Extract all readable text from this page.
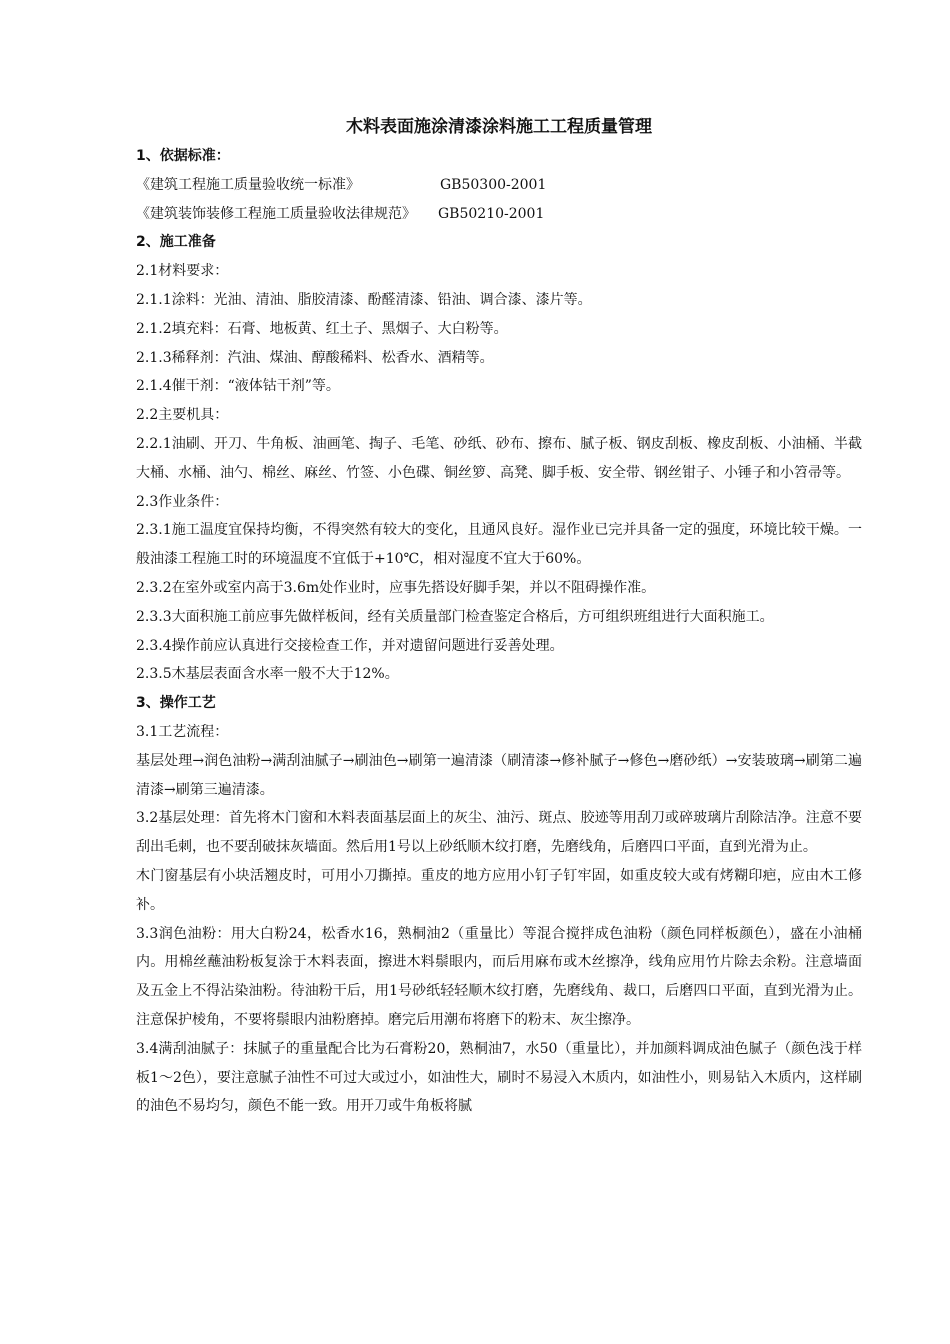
木料表面施涂清漆涂料施工工程质量管理
1、依据标准：
《建筑工程施工质量验收统一标准》	GB50300-2001
《建筑装饰装修工程施工质量验收法律规范》 GB50210-2001
2、施工准备
2.1材料要求：
2.1.1涂料：光油、清油、脂胶清漆、酚醛清漆、铅油、调合漆、漆片等。
2.1.2填充料：石膏、地板黄、红土子、黑烟子、大白粉等。
2.1.3稀释剂：汽油、煤油、醇酸稀料、松香水、酒精等。
2.1.4催干剂：“液体钴干剂”等。
2.2主要机具：
2.2.1油刷、开刀、牛角板、油画笔、掏子、毛笔、砂纸、砂布、擦布、腻子板、钢皮刮板、橡皮刮板、小油桶、半截大桶、水桶、油勺、棉丝、麻丝、竹签、小色碟、铜丝箩、高凳、脚手板、安全带、钢丝钳子、小锤子和小笤帚等。
2.3作业条件：
2.3.1施工温度宜保持均衡，不得突然有较大的变化，且通风良好。湿作业已完并具备一定的强度，环境比较干燥。一般油漆工程施工时的环境温度不宜低于+10℃，相对湿度不宜大于60%。
2.3.2在室外或室内高于3.6m处作业时，应事先搭设好脚手架，并以不阻碍操作准。
2.3.3大面积施工前应事先做样板间，经有关质量部门检查鉴定合格后，方可组织班组进行大面积施工。
2.3.4操作前应认真进行交接检查工作，并对遗留问题进行妥善处理。
2.3.5木基层表面含水率一般不大于12%。
3、操作工艺
3.1工艺流程：
基层处理→润色油粉→满刮油腻子→刷油色→刷第一遍清漆（刷清漆→修补腻子→修色→磨砂纸）→安装玻璃→刷第二遍清漆→刷第三遍清漆。
3.2基层处理：首先将木门窗和木料表面基层面上的灰尘、油污、斑点、胶迹等用刮刀或碎玻璃片刮除洁净。注意不要刮出毛刺，也不要刮破抹灰墙面。然后用1号以上砂纸顺木纹打磨，先磨线角，后磨四口平面，直到光滑为止。
木门窗基层有小块活翘皮时，可用小刀撕掉。重皮的地方应用小钉子钉牢固，如重皮较大或有烤糊印疤，应由木工修补。
3.3润色油粉：用大白粉24，松香水16，熟桐油2（重量比）等混合搅拌成色油粉（颜色同样板颜色），盛在小油桶内。用棉丝蘸油粉板复涂于木料表面，擦进木料鬃眼内，而后用麻布或木丝擦净，线角应用竹片除去余粉。注意墙面及五金上不得沾染油粉。待油粉干后，用1号砂纸轻轻顺木纹打磨，先磨线角、裁口，后磨四口平面，直到光滑为止。注意保护棱角，不要将鬃眼内油粉磨掉。磨完后用潮布将磨下的粉末、灰尘擦净。
3.4满刮油腻子：抹腻子的重量配合比为石膏粉20，熟桐油7，水50（重量比），并加颜料调成油色腻子（颜色浅于样板1～2色），要注意腻子油性不可过大或过小，如油性大，刷时不易浸入木质内，如油性小，则易钻入木质内，这样刷的油色不易均匀，颜色不能一致。用开刀或牛角板将腻
